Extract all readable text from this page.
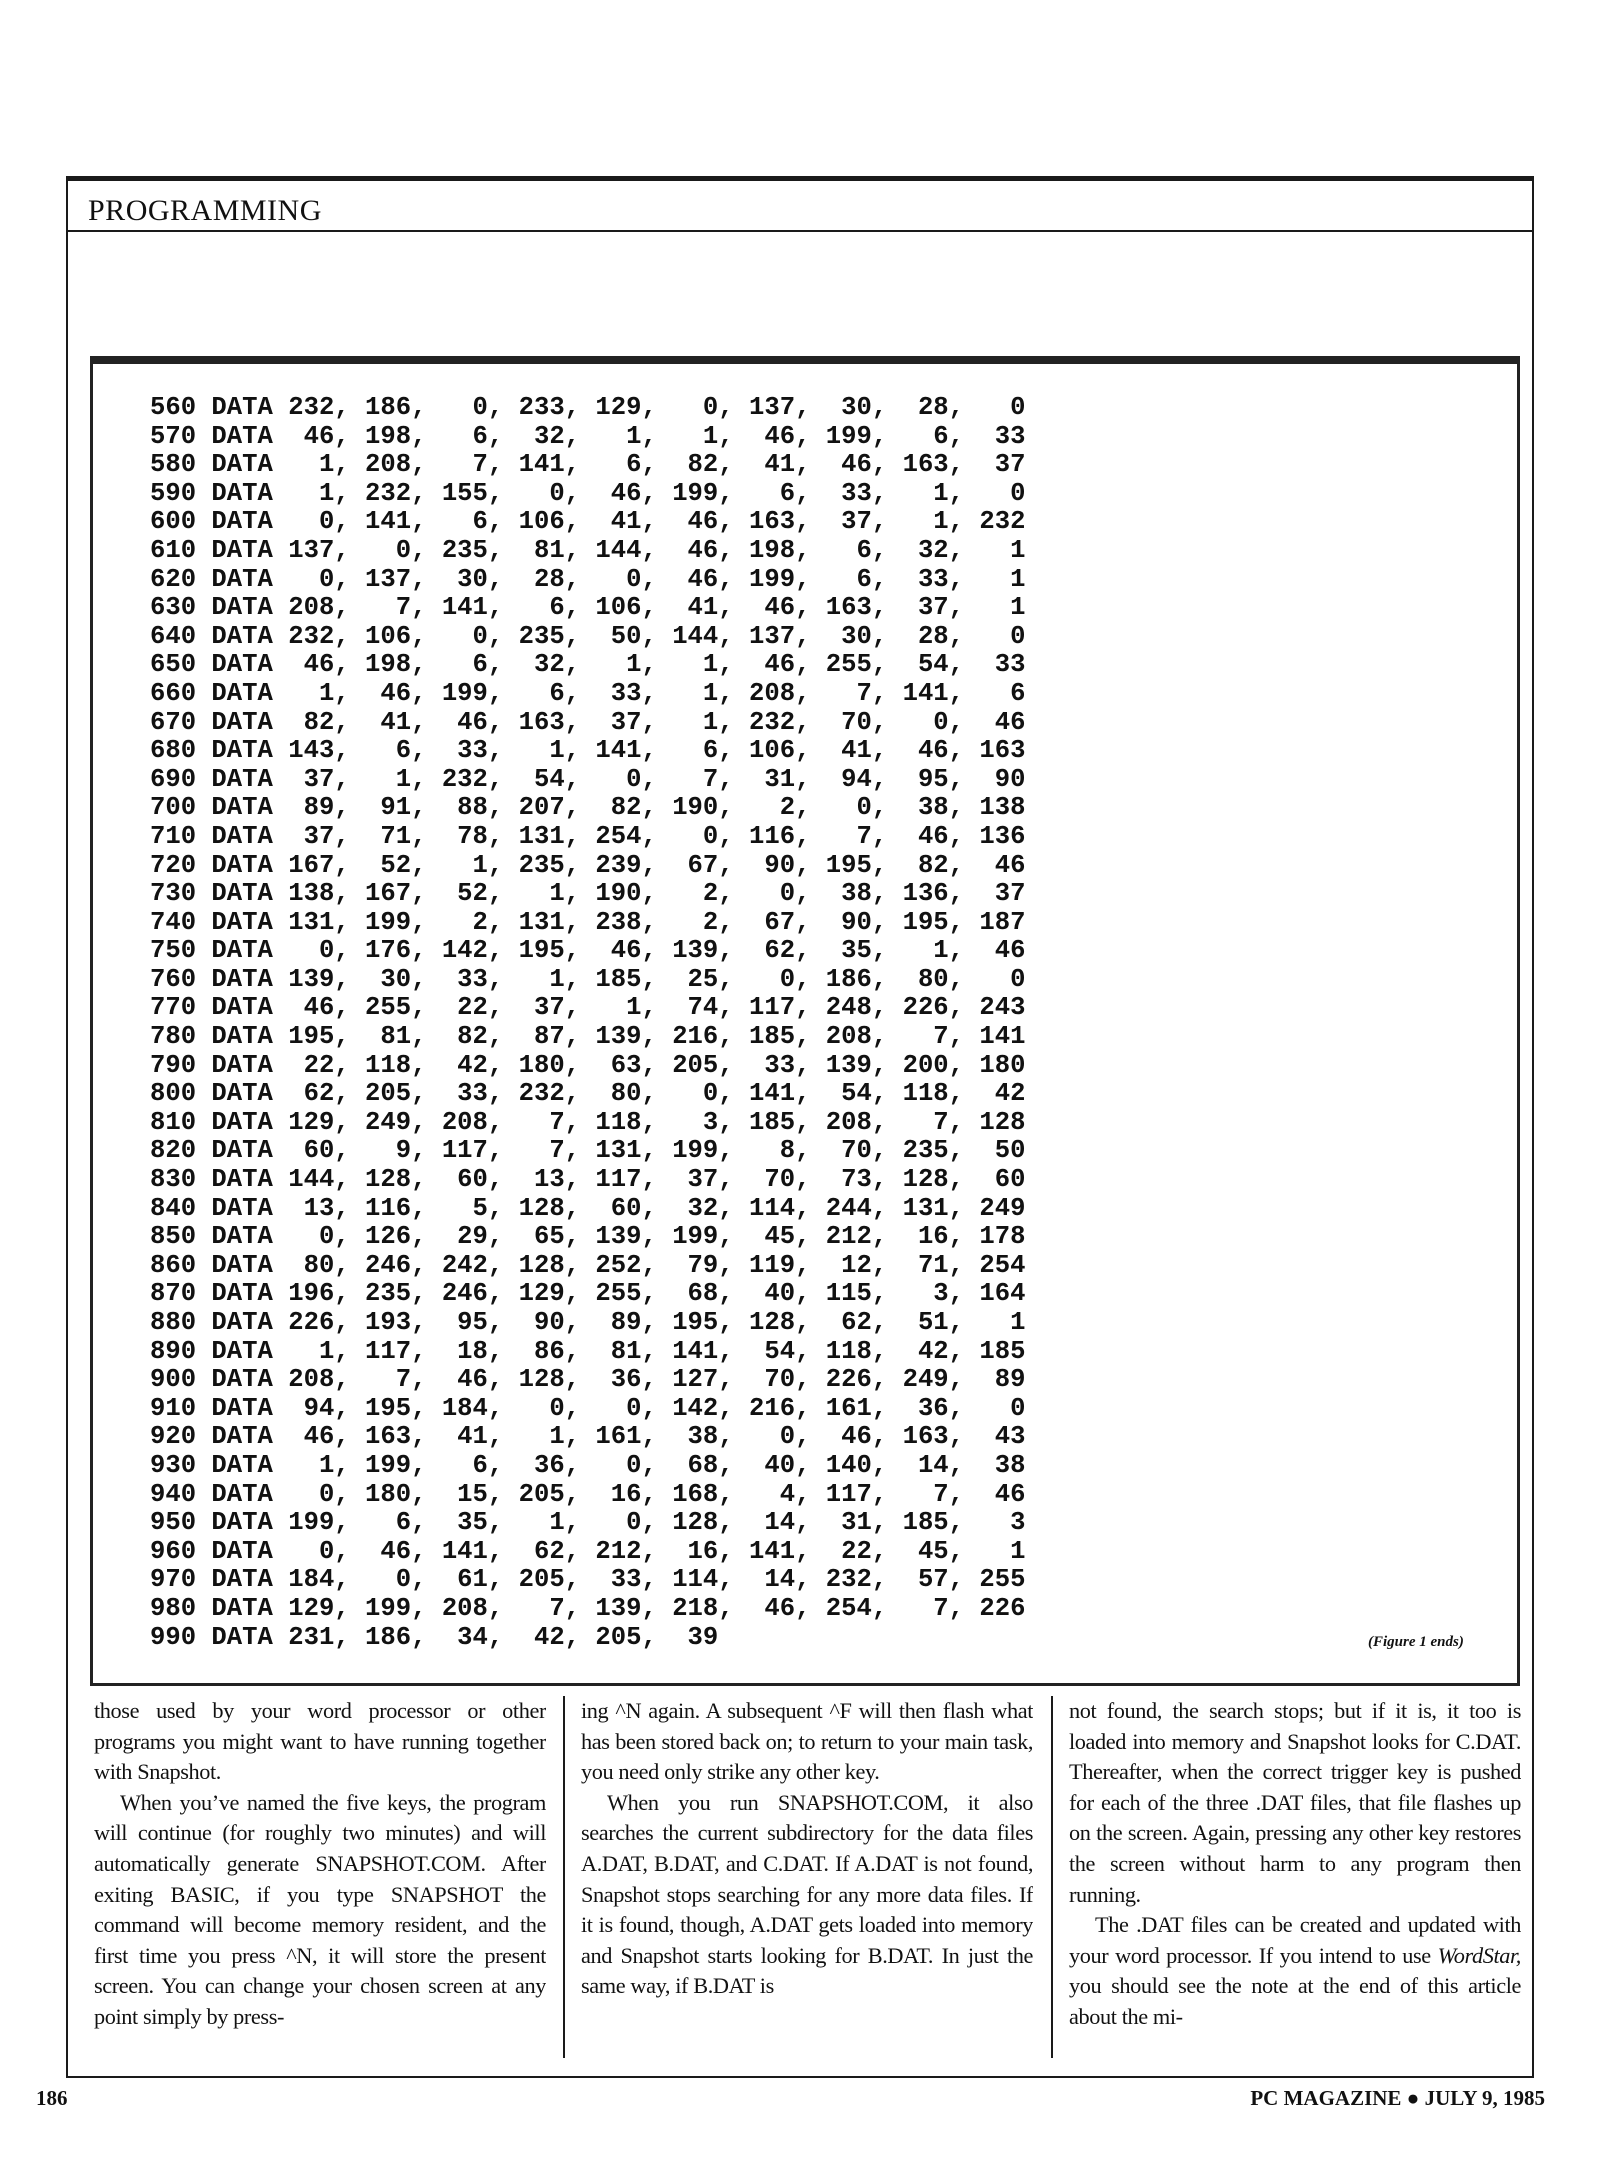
PROGRAMMING
560 DATA 232, 186,   0, 233, 129,   0, 137,  30,  28,   0
570 DATA  46, 198,   6,  32,   1,   1,  46, 199,   6,  33
580 DATA   1, 208,   7, 141,   6,  82,  41,  46, 163,  37
590 DATA   1, 232, 155,   0,  46, 199,   6,  33,   1,   0
600 DATA   0, 141,   6, 106,  41,  46, 163,  37,   1, 232
610 DATA 137,   0, 235,  81, 144,  46, 198,   6,  32,   1
620 DATA   0, 137,  30,  28,   0,  46, 199,   6,  33,   1
630 DATA 208,   7, 141,   6, 106,  41,  46, 163,  37,   1
640 DATA 232, 106,   0, 235,  50, 144, 137,  30,  28,   0
650 DATA  46, 198,   6,  32,   1,   1,  46, 255,  54,  33
660 DATA   1,  46, 199,   6,  33,   1, 208,   7, 141,   6
670 DATA  82,  41,  46, 163,  37,   1, 232,  70,   0,  46
680 DATA 143,   6,  33,   1, 141,   6, 106,  41,  46, 163
690 DATA  37,   1, 232,  54,   0,   7,  31,  94,  95,  90
700 DATA  89,  91,  88, 207,  82, 190,   2,   0,  38, 138
710 DATA  37,  71,  78, 131, 254,   0, 116,   7,  46, 136
720 DATA 167,  52,   1, 235, 239,  67,  90, 195,  82,  46
730 DATA 138, 167,  52,   1, 190,   2,   0,  38, 136,  37
740 DATA 131, 199,   2, 131, 238,   2,  67,  90, 195, 187
750 DATA   0, 176, 142, 195,  46, 139,  62,  35,   1,  46
760 DATA 139,  30,  33,   1, 185,  25,   0, 186,  80,   0
770 DATA  46, 255,  22,  37,   1,  74, 117, 248, 226, 243
780 DATA 195,  81,  82,  87, 139, 216, 185, 208,   7, 141
790 DATA  22, 118,  42, 180,  63, 205,  33, 139, 200, 180
800 DATA  62, 205,  33, 232,  80,   0, 141,  54, 118,  42
810 DATA 129, 249, 208,   7, 118,   3, 185, 208,   7, 128
820 DATA  60,   9, 117,   7, 131, 199,   8,  70, 235,  50
830 DATA 144, 128,  60,  13, 117,  37,  70,  73, 128,  60
840 DATA  13, 116,   5, 128,  60,  32, 114, 244, 131, 249
850 DATA   0, 126,  29,  65, 139, 199,  45, 212,  16, 178
860 DATA  80, 246, 242, 128, 252,  79, 119,  12,  71, 254
870 DATA 196, 235, 246, 129, 255,  68,  40, 115,   3, 164
880 DATA 226, 193,  95,  90,  89, 195, 128,  62,  51,   1
890 DATA   1, 117,  18,  86,  81, 141,  54, 118,  42, 185
900 DATA 208,   7,  46, 128,  36, 127,  70, 226, 249,  89
910 DATA  94, 195, 184,   0,   0, 142, 216, 161,  36,   0
920 DATA  46, 163,  41,   1, 161,  38,   0,  46, 163,  43
930 DATA   1, 199,   6,  36,   0,  68,  40, 140,  14,  38
940 DATA   0, 180,  15, 205,  16, 168,   4, 117,   7,  46
950 DATA 199,   6,  35,   1,   0, 128,  14,  31, 185,   3
960 DATA   0,  46, 141,  62, 212,  16, 141,  22,  45,   1
970 DATA 184,   0,  61, 205,  33, 114,  14, 232,  57, 255
980 DATA 129, 199, 208,   7, 139, 218,  46, 254,   7, 226
990 DATA 231, 186,  34,  42, 205,  39	(Figure 1 ends)

those used by your word processor or other programs you might want to have running together with Snapshot.

When you’ve named the five keys, the program will continue (for roughly two minutes) and will automatically generate SNAPSHOT.COM. After exiting BASIC, if you type SNAPSHOT the command will become memory resident, and the first time you press ^N, it will store the present screen. You can change your chosen screen at any point simply by press-

ing ^N again. A subsequent ^F will then flash what has been stored back on; to return to your main task, you need only strike any other key.

When you run SNAPSHOT.COM, it also searches the current subdirectory for the data files A.DAT, B.DAT, and C.DAT. If A.DAT is not found, Snapshot stops searching for any more data files. If it is found, though, A.DAT gets loaded into memory and Snapshot starts looking for B.DAT. In just the same way, if B.DAT is

not found, the search stops; but if it is, it too is loaded into memory and Snapshot looks for C.DAT. Thereafter, when the correct trigger key is pushed for each of the three .DAT files, that file flashes up on the screen. Again, pressing any other key restores the screen without harm to any program then running.

The .DAT files can be created and updated with your word processor. If you intend to use WordStar, you should see the note at the end of this article about the mi-

186	PC MAGAZINE ● JULY 9, 1985
